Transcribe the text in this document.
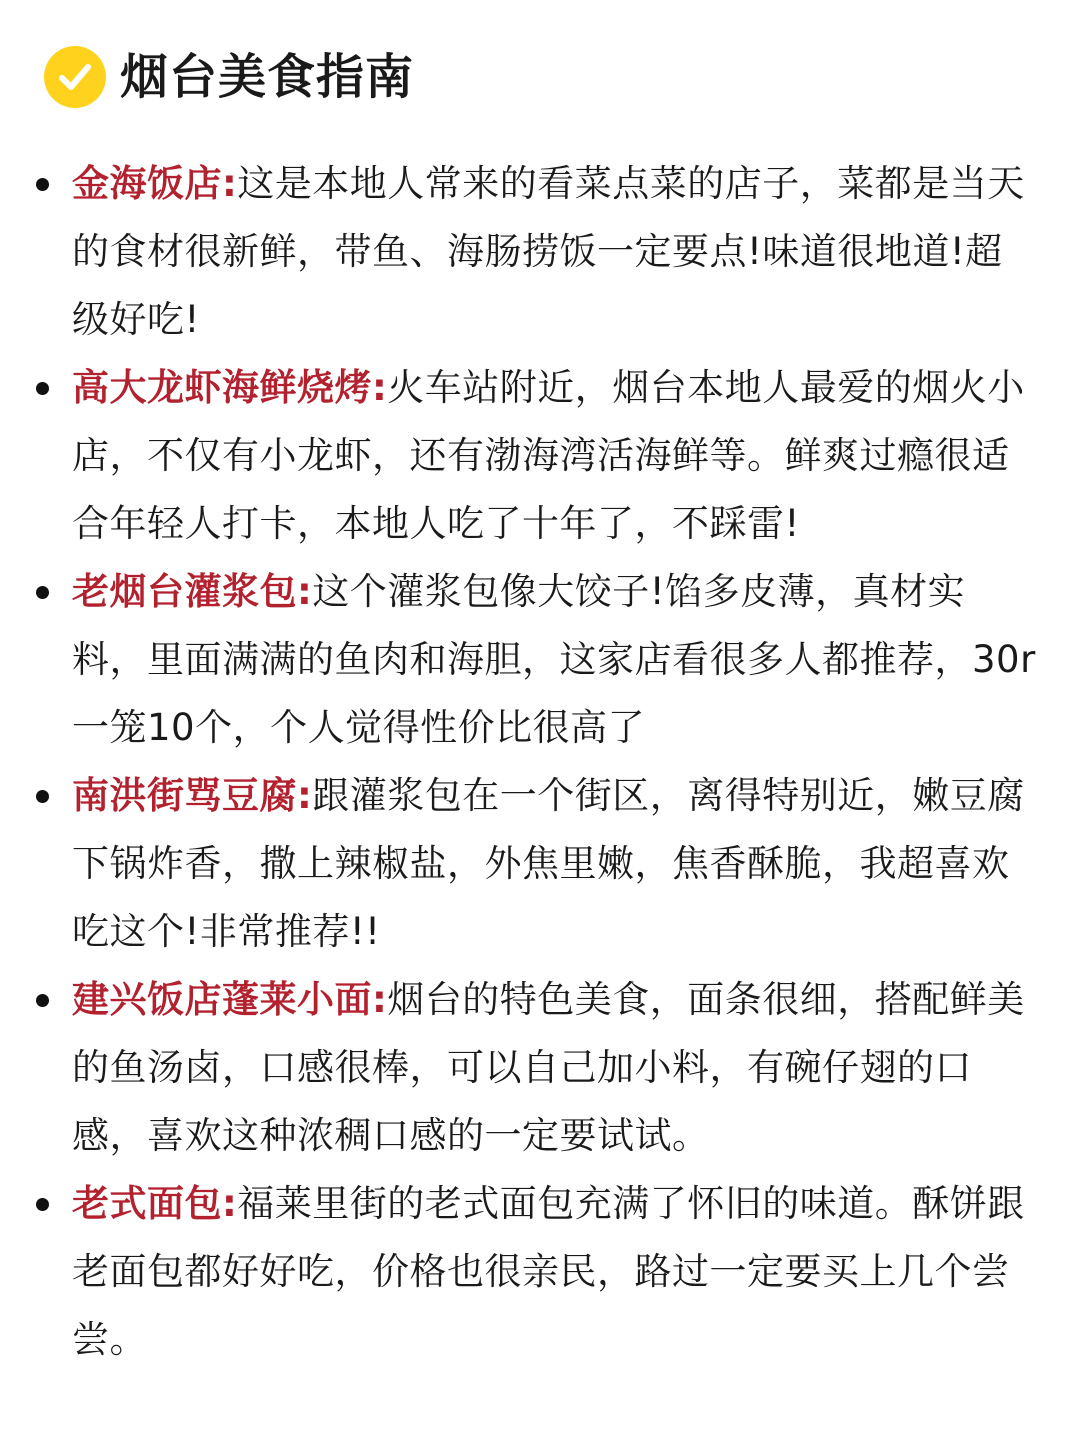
烟台美食指南
金海饭店:这是本地人常来的看菜点菜的店子，菜都是当天的食材很新鲜，带鱼、海肠捞饭一定要点!味道很地道!超级好吃!
高大龙虾海鲜烧烤:火车站附近，烟台本地人最爱的烟火小店，不仅有小龙虾，还有渤海湾活海鲜等。鲜爽过瘾很适合年轻人打卡，本地人吃了十年了，不踩雷!
老烟台灌浆包:这个灌浆包像大饺子!馅多皮薄，真材实料，里面满满的鱼肉和海胆，这家店看很多人都推荐，30r一笼10个，个人觉得性价比很高了
南洪街骂豆腐:跟灌浆包在一个街区，离得特别近，嫩豆腐下锅炸香，撒上辣椒盐，外焦里嫩，焦香酥脆，我超喜欢吃这个!非常推荐!!
建兴饭店蓬莱小面:烟台的特色美食，面条很细，搭配鲜美的鱼汤卤，口感很棒，可以自己加小料，有碗仔翅的口感，喜欢这种浓稠口感的一定要试试。
老式面包:福莱里街的老式面包充满了怀旧的味道。酥饼跟老面包都好好吃，价格也很亲民，路过一定要买上几个尝尝。
